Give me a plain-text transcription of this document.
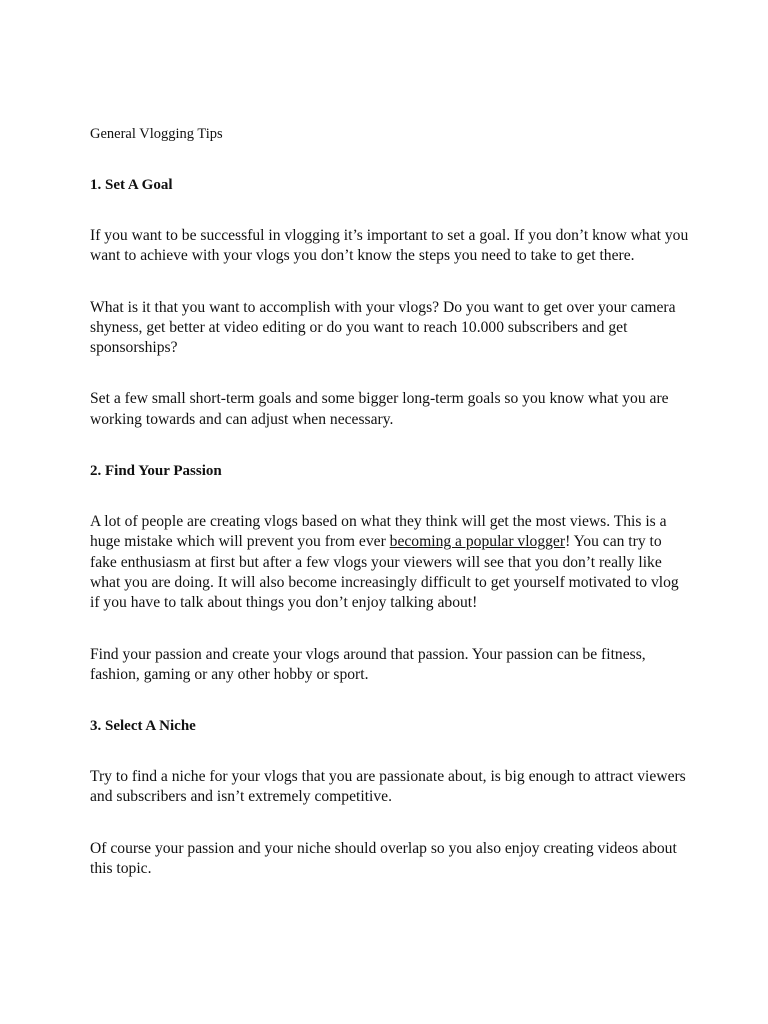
General Vlogging Tips
1. Set A Goal

If you want to be successful in vlogging it’s important to set a goal. If you don’t know what you want to achieve with your vlogs you don’t know the steps you need to take to get there.

What is it that you want to accomplish with your vlogs? Do you want to get over your camera shyness, get better at video editing or do you want to reach 10.000 subscribers and get sponsorships?

Set a few small short-term goals and some bigger long-term goals so you know what you are working towards and can adjust when necessary.

2. Find Your Passion

A lot of people are creating vlogs based on what they think will get the most views. This is a huge mistake which will prevent you from ever becoming a popular vlogger! You can try to fake enthusiasm at first but after a few vlogs your viewers will see that you don’t really like what you are doing. It will also become increasingly difficult to get yourself motivated to vlog if you have to talk about things you don’t enjoy talking about!

Find your passion and create your vlogs around that passion. Your passion can be fitness, fashion, gaming or any other hobby or sport.

3. Select A Niche

Try to find a niche for your vlogs that you are passionate about, is big enough to attract viewers and subscribers and isn’t extremely competitive.

Of course your passion and your niche should overlap so you also enjoy creating videos about this topic.
